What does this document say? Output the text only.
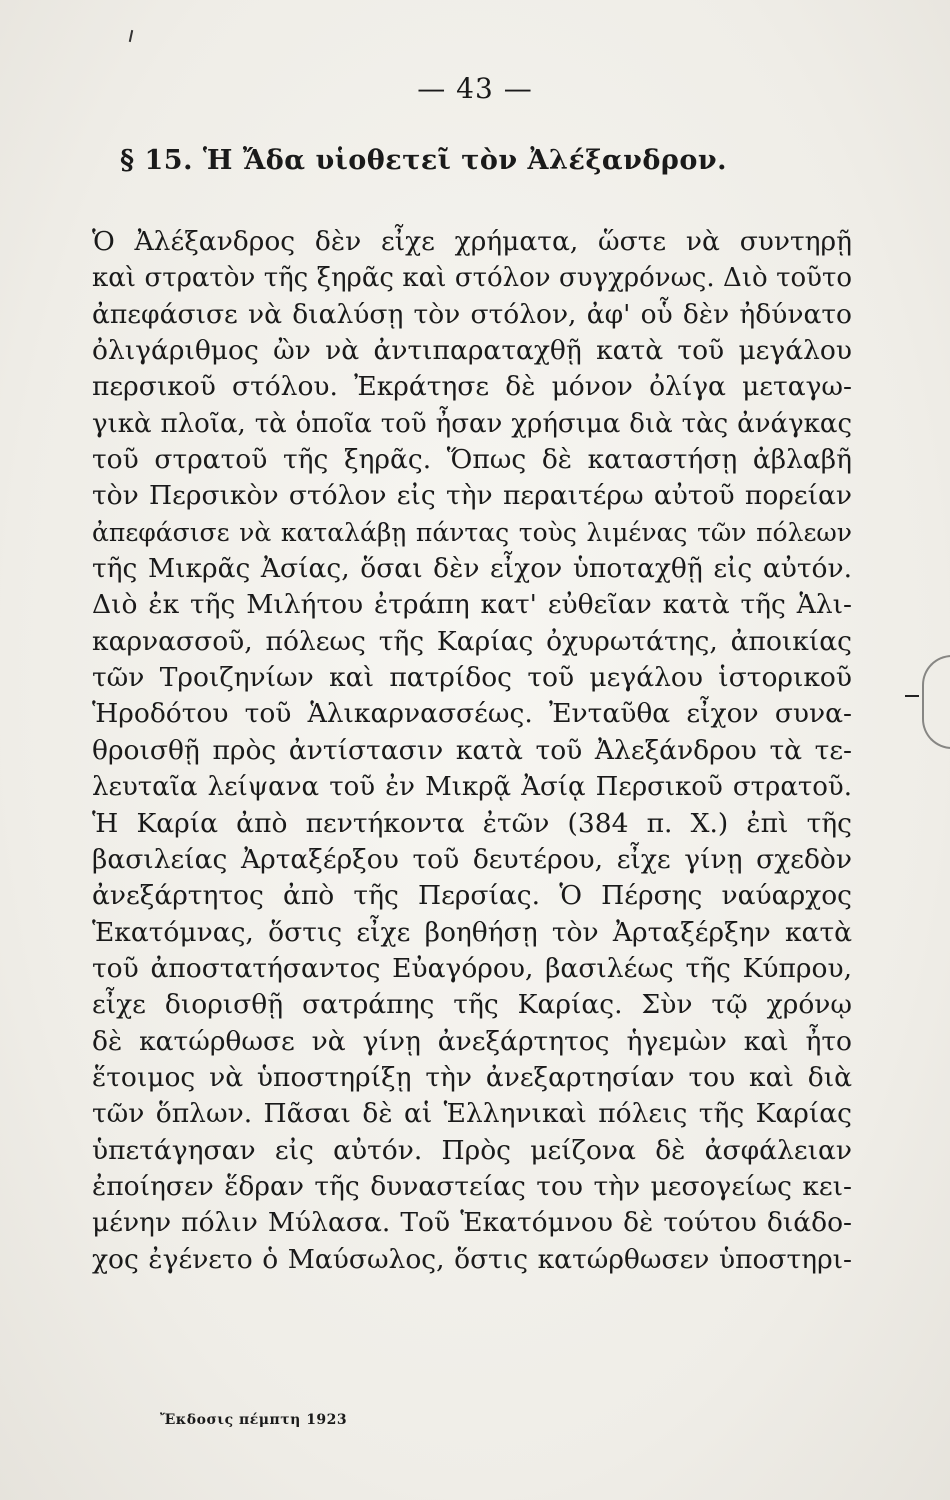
— 43 —
§ 15. Ἡ Ἄδα υἱοθετεῖ τὸν Ἀλέξανδρον.
Ὁ Ἀλέξανδρος δὲν εἶχε χρήματα, ὥστε νὰ συντηρῇ
καὶ στρατὸν τῆς ξηρᾶς καὶ στόλον συγχρόνως. Διὸ τοῦτο
ἀπεφάσισε νὰ διαλύσῃ τὸν στόλον, ἀφ' οὗ δὲν ἠδύνατο
ὀλιγάριθμος ὢν νὰ ἀντιπαραταχθῇ κατὰ τοῦ μεγάλου
περσικοῦ στόλου. Ἐκράτησε δὲ μόνον ὀλίγα μεταγω-
γικὰ πλοῖα, τὰ ὁποῖα τοῦ ἦσαν χρήσιμα διὰ τὰς ἀνάγκας
τοῦ στρατοῦ τῆς ξηρᾶς. Ὅπως δὲ καταστήσῃ ἀβλαβῆ
τὸν Περσικὸν στόλον εἰς τὴν περαιτέρω αὐτοῦ πορείαν
ἀπεφάσισε νὰ καταλάβῃ πάντας τοὺς λιμένας τῶν πόλεων
τῆς Μικρᾶς Ἀσίας, ὅσαι δὲν εἶχον ὑποταχθῇ εἰς αὐτόν.
Διὸ ἐκ τῆς Μιλήτου ἐτράπη κατ' εὐθεῖαν κατὰ τῆς Ἁλι-
καρνασσοῦ, πόλεως τῆς Καρίας ὀχυρωτάτης, ἀποικίας
τῶν Τροιζηνίων καὶ πατρίδος τοῦ μεγάλου ἱστορικοῦ
Ἡροδότου τοῦ Ἁλικαρνασσέως. Ἐνταῦθα εἶχον συνα-
θροισθῇ πρὸς ἀντίστασιν κατὰ τοῦ Ἀλεξάνδρου τὰ τε-
λευταῖα λείψανα τοῦ ἐν Μικρᾷ Ἀσίᾳ Περσικοῦ στρατοῦ.
Ἡ Καρία ἀπὸ πεντήκοντα ἐτῶν (384 π. Χ.) ἐπὶ τῆς
βασιλείας Ἀρταξέρξου τοῦ δευτέρου, εἶχε γίνῃ σχεδὸν
ἀνεξάρτητος ἀπὸ τῆς Περσίας. Ὁ Πέρσης ναύαρχος
Ἑκατόμνας, ὅστις εἶχε βοηθήσῃ τὸν Ἀρταξέρξην κατὰ
τοῦ ἀποστατήσαντος Εὐαγόρου, βασιλέως τῆς Κύπρου,
εἶχε διορισθῇ σατράπης τῆς Καρίας. Σὺν τῷ χρόνῳ
δὲ κατώρθωσε νὰ γίνῃ ἀνεξάρτητος ἡγεμὼν καὶ ἦτο
ἕτοιμος νὰ ὑποστηρίξῃ τὴν ἀνεξαρτησίαν του καὶ διὰ
τῶν ὅπλων. Πᾶσαι δὲ αἱ Ἑλληνικαὶ πόλεις τῆς Καρίας
ὑπετάγησαν εἰς αὐτόν. Πρὸς μείζονα δὲ ἀσφάλειαν
ἐποίησεν ἕδραν τῆς δυναστείας του τὴν μεσογείως κει-
μένην πόλιν Μύλασα. Τοῦ Ἑκατόμνου δὲ τούτου διάδο-
χος ἐγένετο ὁ Μαύσωλος, ὅστις κατώρθωσεν ὑποστηρι-
Ἔκδοσις πέμπτη 1923
